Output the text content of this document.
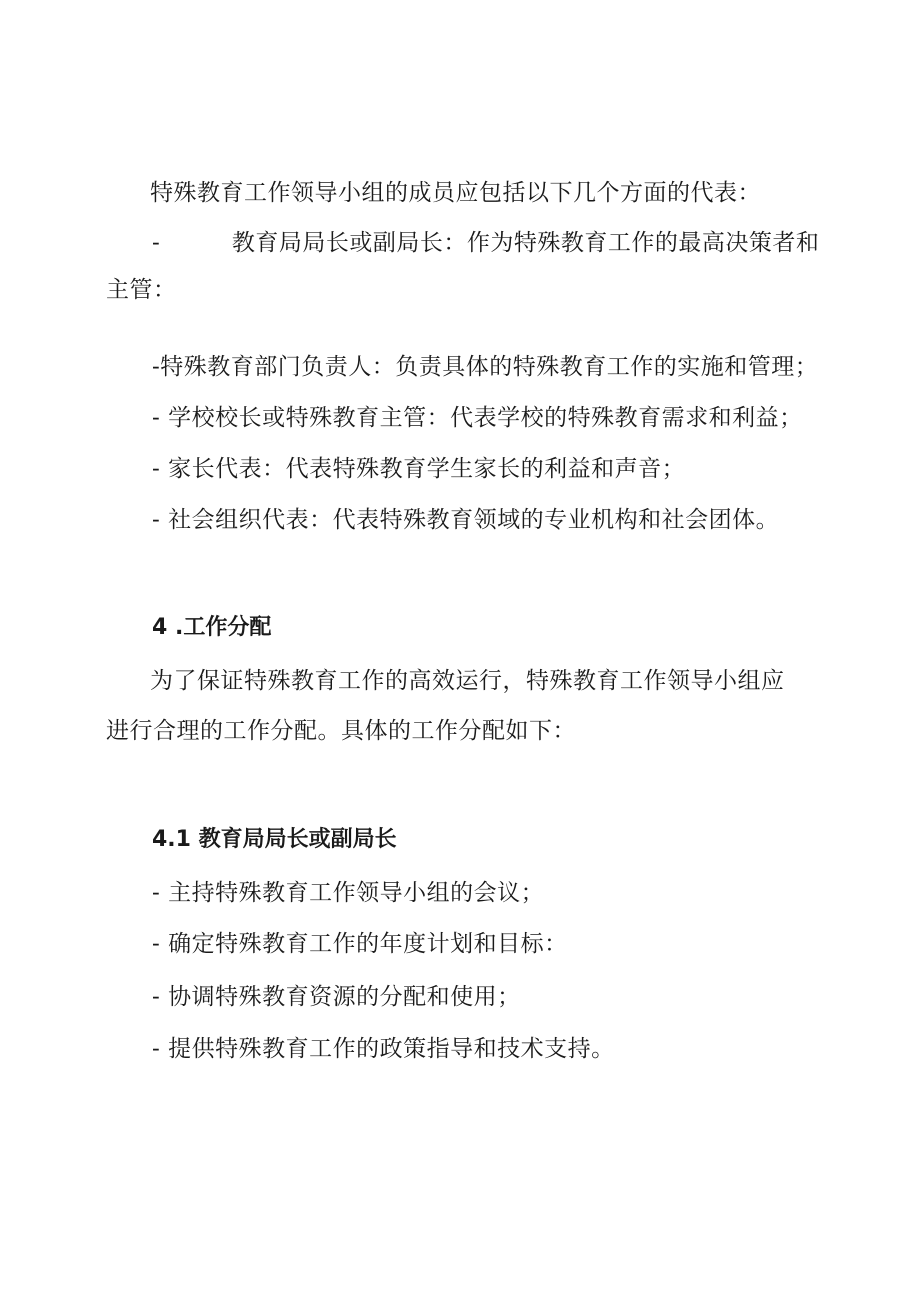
特殊教育工作领导小组的成员应包括以下几个方面的代表：
-	教育局局长或副局长：作为特殊教育工作的最高决策者和
主管：
-特殊教育部门负责人：负责具体的特殊教育工作的实施和管理；
- 学校校长或特殊教育主管：代表学校的特殊教育需求和利益；
- 家长代表：代表特殊教育学生家长的利益和声音；
- 社会组织代表：代表特殊教育领域的专业机构和社会团体。
4 .工作分配
为了保证特殊教育工作的高效运行，特殊教育工作领导小组应
进行合理的工作分配。具体的工作分配如下：
4.1 教育局局长或副局长
- 主持特殊教育工作领导小组的会议；
- 确定特殊教育工作的年度计划和目标：
- 协调特殊教育资源的分配和使用；
- 提供特殊教育工作的政策指导和技术支持。
